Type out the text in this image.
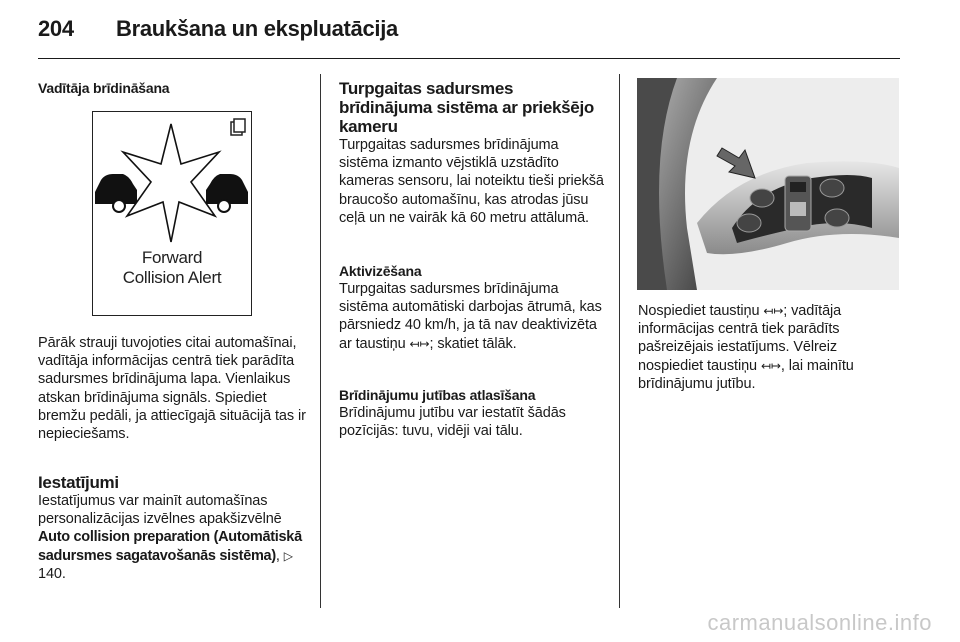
204	Braukšana un ekspluatācija
Vadītāja brīdināšana
Forward
Collision Alert
Pārāk strauji tuvojoties citai automašīnai, vadītāja informācijas centrā tiek parādīta sadursmes brīdinājuma lapa. Vienlaikus atskan brīdinājuma signāls. Spiediet bremžu pedāli, ja attiecīgajā situācijā tas ir nepieciešams.
Iestatījumi
Iestatījumus var mainīt automašīnas personalizācijas izvēlnes apakšizvēlnē Auto collision preparation (Automātiskā sadursmes sagatavošanās sistēma), ▷ 140.
Turpgaitas sadursmes brīdinājuma sistēma ar priekšējo kameru
Turpgaitas sadursmes brīdinājuma sistēma izmanto vējstiklā uzstādīto kameras sensoru, lai noteiktu tieši priekšā braucošo automašīnu, kas atrodas jūsu ceļā un ne vairāk kā 60 metru attālumā.
Aktivizēšana
Turpgaitas sadursmes brīdinājuma sistēma automātiski darbojas ātrumā, kas pārsniedz 40 km/h, ja tā nav deaktivizēta ar taustiņu ↤↦; skatiet tālāk.
Brīdinājumu jutības atlasīšana
Brīdinājumu jutību var iestatīt šādās pozīcijās: tuvu, vidēji vai tālu.
Nospiediet taustiņu ↤↦; vadītāja informācijas centrā tiek parādīts pašreizējais iestatījums. Vēlreiz nospiediet taustiņu ↤↦, lai mainītu brīdinājumu jutību.
carmanualsonline.info
